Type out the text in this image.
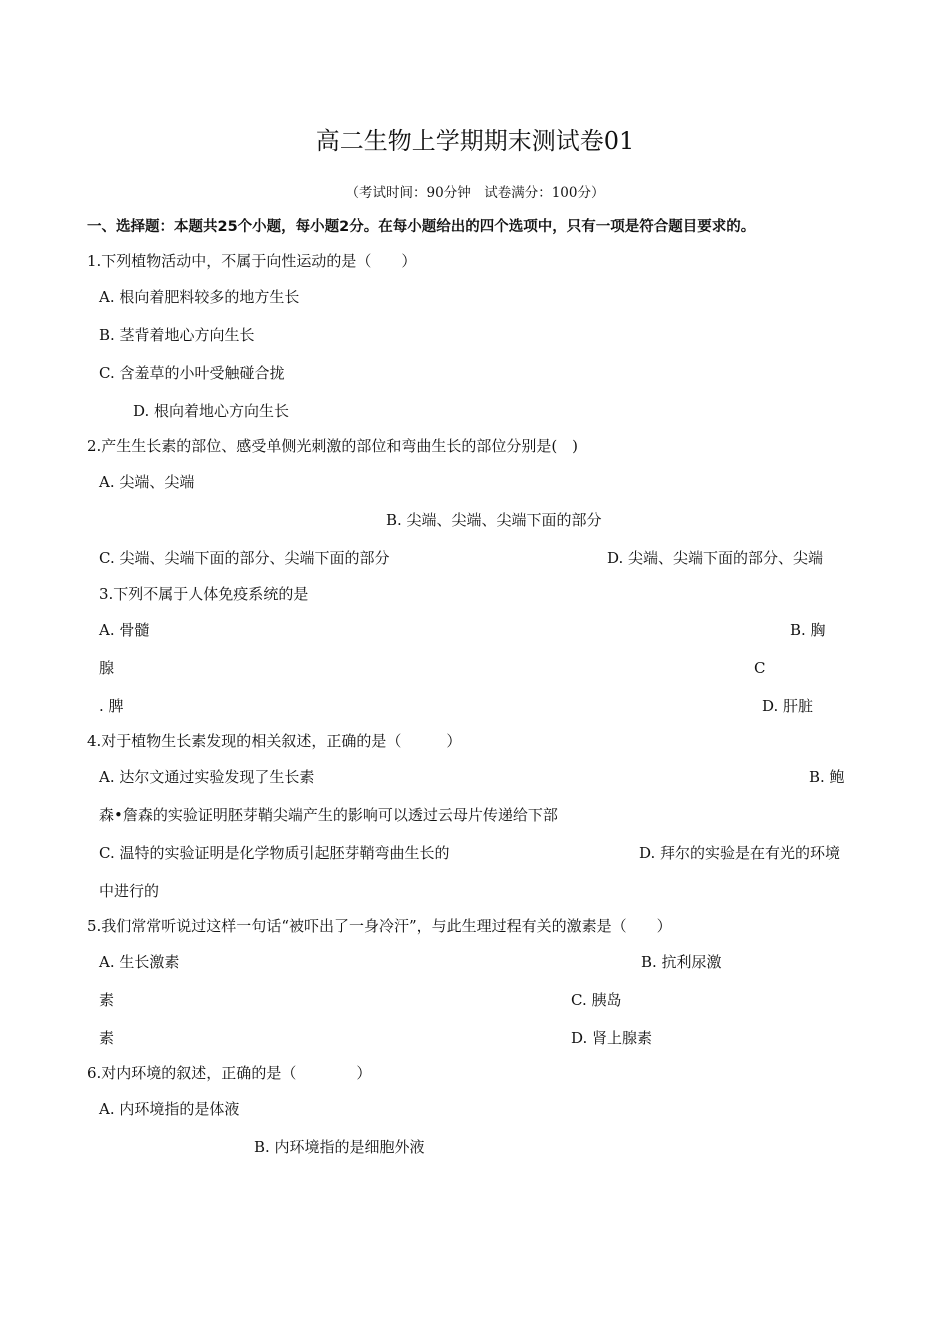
高二生物上学期期末测试卷01
（考试时间：90分钟　试卷满分：100分）
一、选择题：本题共25个小题，每小题2分。在每小题给出的四个选项中，只有一项是符合题目要求的。
1.下列植物活动中，不属于向性运动的是（　　）
A. 根向着肥料较多的地方生长
B. 茎背着地心方向生长
C. 含羞草的小叶受触碰合拢
D. 根向着地心方向生长
2.产生生长素的部位、感受单侧光刺激的部位和弯曲生长的部位分别是(　)
A. 尖端、尖端
B. 尖端、尖端、尖端下面的部分
C. 尖端、尖端下面的部分、尖端下面的部分	D. 尖端、尖端下面的部分、尖端
3.下列不属于人体免疫系统的是
A. 骨髓	B. 胸
腺	C
. 脾	D. 肝脏
4.对于植物生长素发现的相关叙述，正确的是（　　　）
A. 达尔文通过实验发现了生长素	B. 鲍
森•詹森的实验证明胚芽鞘尖端产生的影响可以透过云母片传递给下部
C. 温特的实验证明是化学物质引起胚芽鞘弯曲生长的	D. 拜尔的实验是在有光的环境
中进行的
5.我们常常听说过这样一句话“被吓出了一身冷汗”，与此生理过程有关的激素是（　　）
A. 生长激素	B. 抗利尿激
素	C. 胰岛
素	D. 肾上腺素
6.对内环境的叙述，正确的是（　　　　）
A. 内环境指的是体液
B. 内环境指的是细胞外液
